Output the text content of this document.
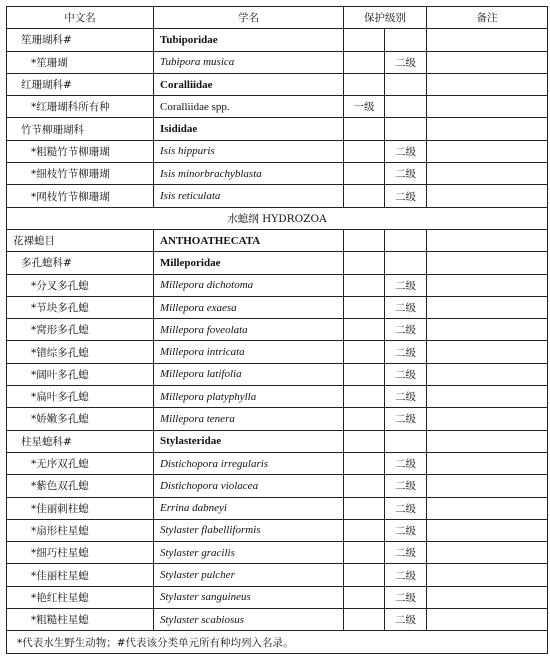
中文名	学名	保护级别		备注
笙珊瑚科#	Tubiporidae			
*笙珊瑚	Tubipora musica		二级	
红珊瑚科#	Coralliidae			
*红珊瑚科所有种	Coralliidae spp.	一级		
竹节柳珊瑚科	Isididae			
*粗糙竹节柳珊瑚	Isis hippuris		二级	
*细枝竹节柳珊瑚	Isis minorbrachyblasta		二级	
*网枝竹节柳珊瑚	Isis reticulata		二级	
水螅纲 HYDROZOA				
花裸螅目	ANTHOATHECATA			
多孔螅科#	Milleporidae			
*分叉多孔螅	Millepora dichotoma		二级	
*节块多孔螅	Millepora exaesa		二级	
*窝形多孔螅	Millepora foveolata		二级	
*错综多孔螅	Millepora intricata		二级	
*阔叶多孔螅	Millepora latifolia		二级	
*扁叶多孔螅	Millepora platyphylla		二级	
*娇嫩多孔螅	Millepora tenera		二级	
柱星螅科#	Stylasteridae			
*无序双孔螅	Distichopora irregularis		二级	
*紫色双孔螅	Distichopora violacea		二级	
*佳丽刺柱螅	Errina dabneyi		二级	
*扇形柱星螅	Stylaster flabelliformis		二级	
*细巧柱星螅	Stylaster gracilis		二级	
*佳丽柱星螅	Stylaster pulcher		二级	
*艳红柱星螅	Stylaster sanguineus		二级	
*粗糙柱星螅	Stylaster scabiosus		二级	
*代表水生野生动物；#代表该分类单元所有种均列入名录。				
